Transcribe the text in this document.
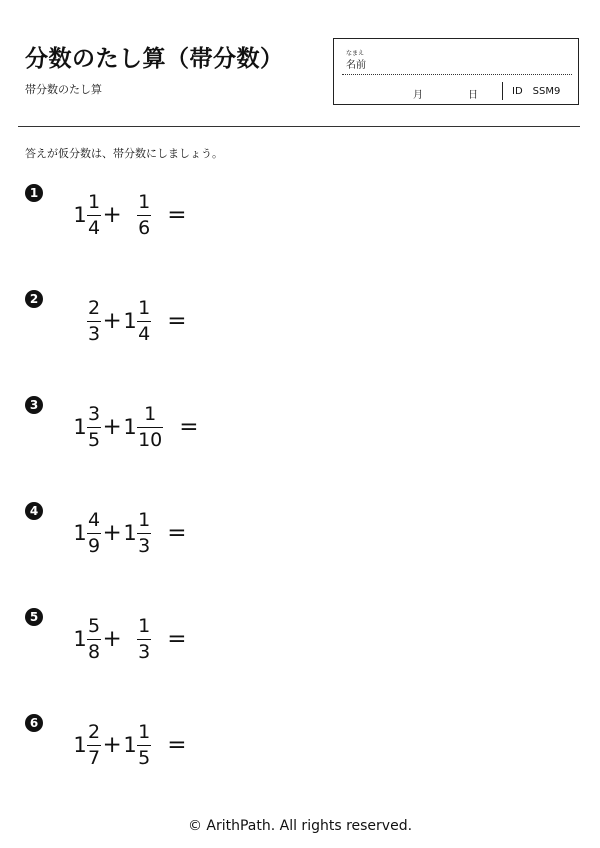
分数のたし算（帯分数）
帯分数のたし算
なまえ
名前
月	日	ID SSM9
答えが仮分数は、帯分数にしましょう。
1
$1 \frac{1}{4} + \frac{1}{6}$ =
2	$\frac{2}{3} + 1 \frac{1}{4}$ =
3
$1 \frac{3}{5} + 1 \frac{1}{10}$ =
4
$1 \frac{4}{9} + 1 \frac{1}{3}$ =
5
$1 \frac{5}{8} + \frac{1}{3}$ =
6
$1 \frac{2}{7} + 1 \frac{1}{5}$ =
© ArithPath. All rights reserved.
